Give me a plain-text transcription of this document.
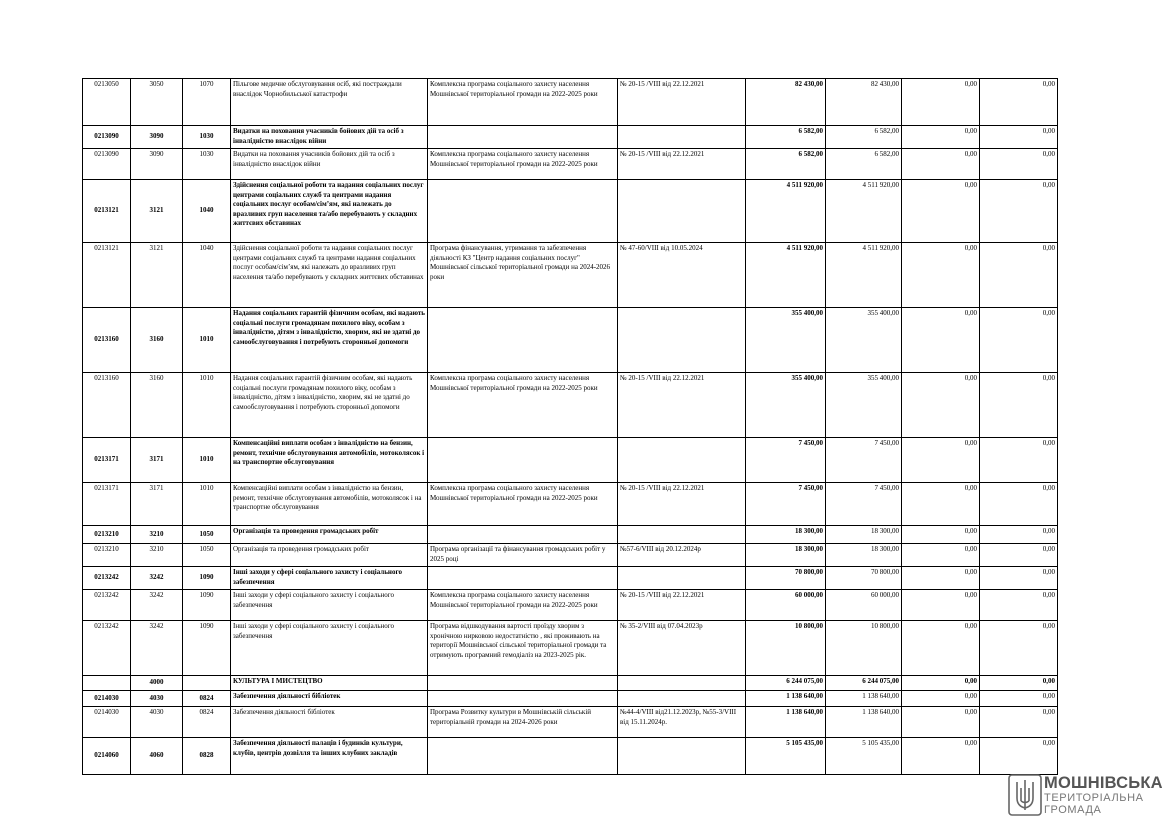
0213050	3050	1070	Пільгове медичне обслуговування осіб, які постраждали внаслідок Чорнобильської катастрофи	Комплексна програма соціального захисту населення Мошнівської територіальної громади на 2022-2025 роки	№ 20-15 /VIII від 22.12.2021	82 430,00	82 430,00	0,00	0,00
0213090	3090	1030	Видатки на поховання учасників бойових дій та осіб з інвалідністю внаслідок війни			6 582,00	6 582,00	0,00	0,00
0213090	3090	1030	Видатки на поховання учасників бойових дій та осіб з інвалідністю внаслідок війни	Комплексна програма соціального захисту населення Мошнівської територіальної громади на 2022-2025 роки	№ 20-15 /VIII від 22.12.2021	6 582,00	6 582,00	0,00	0,00
0213121	3121	1040	Здійснення соціальної роботи та надання соціальних послуг центрами соціальних служб та центрами надання соціальних послуг особам/сім’ям, які належать до вразливих груп населення та/або перебувають у складних життєвих обставинах			4 511 920,00	4 511 920,00	0,00	0,00
0213121	3121	1040	Здійснення соціальної роботи та надання соціальних послуг центрами соціальних служб та центрами надання соціальних послуг особам/сім’ям, які належать до вразливих груп населення та/або перебувають у складних життєвих обставинах	Програма фінансування, утримання та забезпечення діяльності КЗ "Центр надання соціальних послуг" Мошнівської сільської територіальної громади на 2024-2026 роки	№ 47-60/VIII від 10.05.2024	4 511 920,00	4 511 920,00	0,00	0,00
0213160	3160	1010	Надання соціальних гарантій фізичним особам, які надають соціальні послуги громадянам похилого віку, особам з інвалідністю, дітям з інвалідністю, хворим, які не здатні до самообслуговування і потребують сторонньої допомоги			355 400,00	355 400,00	0,00	0,00
0213160	3160	1010	Надання соціальних гарантій фізичним особам, які надають соціальні послуги громадянам похилого віку, особам з інвалідністю, дітям з інвалідністю, хворим, які не здатні до самообслуговування і потребують сторонньої допомоги	Комплексна програма соціального захисту населення Мошнівської територіальної громади на 2022-2025 роки	№ 20-15 /VIII від 22.12.2021	355 400,00	355 400,00	0,00	0,00
0213171	3171	1010	Компенсаційні виплати особам з інвалідністю на бензин, ремонт, технічне обслуговування автомобілів, мотоколясок і на транспортне обслуговування			7 450,00	7 450,00	0,00	0,00
0213171	3171	1010	Компенсаційні виплати особам з інвалідністю на бензин, ремонт, технічне обслуговування автомобілів, мотоколясок і на транспортне обслуговування	Комплексна програма соціального захисту населення Мошнівської територіальної громади на 2022-2025 роки	№ 20-15 /VIII від 22.12.2021	7 450,00	7 450,00	0,00	0,00
0213210	3210	1050	Організація та проведення громадських робіт			18 300,00	18 300,00	0,00	0,00
0213210	3210	1050	Організація та проведення громадських робіт	Програма організації та фінансування громадських робіт у 2025 році	№57-6/VIII від 20.12.2024р	18 300,00	18 300,00	0,00	0,00
0213242	3242	1090	Інші заходи у сфері соціального захисту і соціального забезпечення			70 800,00	70 800,00	0,00	0,00
0213242	3242	1090	Інші заходи у сфері соціального захисту і соціального забезпечення	Комплексна програма соціального захисту населення Мошнівської територіальної громади на 2022-2025 роки	№ 20-15 /VIII від 22.12.2021	60 000,00	60 000,00	0,00	0,00
0213242	3242	1090	Інші заходи у сфері соціального захисту і соціального забезпечення	Програма відшкодування вартості проїзду хворим з хронічною нирковою недостатністю , які проживають на території Мошнівської сільської територіальної громади та отримують програмний гемодіаліз на 2023-2025 рік.	№ 35-2/VIII від 07.04.2023р	10 800,00	10 800,00	0,00	0,00
	4000		КУЛЬТУРА І МИСТЕЦТВО			6 244 075,00	6 244 075,00	0,00	0,00
0214030	4030	0824	Забезпечення діяльності бібліотек			1 138 640,00	1 138 640,00	0,00	0,00
0214030	4030	0824	Забезпечення діяльності бібліотек	Програма Розвитку культури в Мошнівській сільській територіальній громади на 2024-2026 роки	№44-4/VIII від21.12.2023р, №55-3/VIII від 15.11.2024р.	1 138 640,00	1 138 640,00	0,00	0,00
0214060	4060	0828	Забезпечення діяльності палаців i будинків культури, клубів, центрів дозвілля та iнших клубних закладів			5 105 435,00	5 105 435,00	0,00	0,00
МОШНІВСЬКА
ТЕРИТОРІАЛЬНА
ГРОМАДА
